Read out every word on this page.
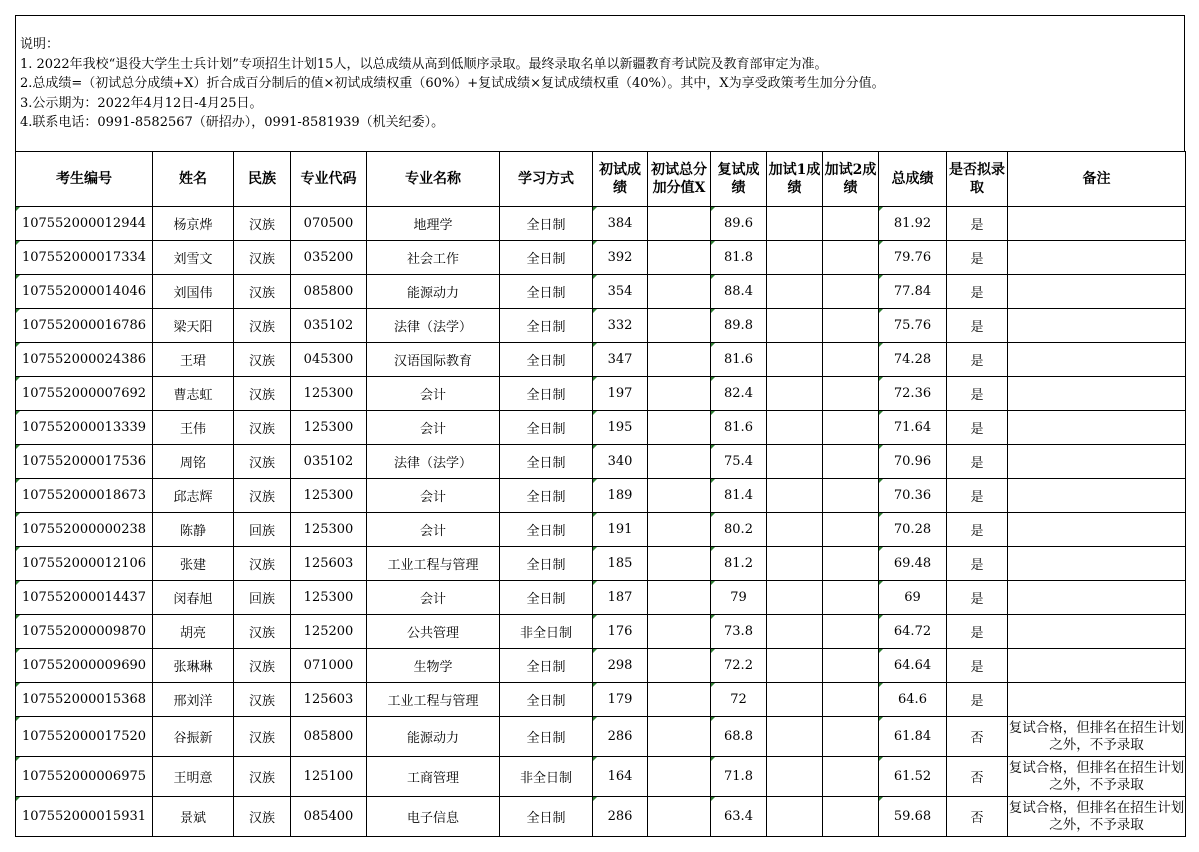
说明：
1. 2022年我校“退役大学生士兵计划”专项招生计划15人，以总成绩从高到低顺序录取。最终录取名单以新疆教育考试院及教育部审定为准。
2.总成绩=（初试总分成绩+X）折合成百分制后的值×初试成绩权重（60%）+复试成绩×复试成绩权重（40%）。其中，X为享受政策考生加分分值。
3.公示期为：2022年4月12日-4月25日。
4.联系电话：0991-8582567（研招办），0991-8581939（机关纪委）。
考生编号	姓名	民族	专业代码	专业名称	学习方式	初试成绩	初试总分加分值X	复试成绩	加试1成绩	加试2成绩	总成绩	是否拟录取	备注
107552000012944	杨京烨	汉族	070500	地理学	全日制	384		89.6			81.92	是	
107552000017334	刘雪文	汉族	035200	社会工作	全日制	392		81.8			79.76	是	
107552000014046	刘国伟	汉族	085800	能源动力	全日制	354		88.4			77.84	是	
107552000016786	梁天阳	汉族	035102	法律（法学）	全日制	332		89.8			75.76	是	
107552000024386	王珺	汉族	045300	汉语国际教育	全日制	347		81.6			74.28	是	
107552000007692	曹志虹	汉族	125300	会计	全日制	197		82.4			72.36	是	
107552000013339	王伟	汉族	125300	会计	全日制	195		81.6			71.64	是	
107552000017536	周铭	汉族	035102	法律（法学）	全日制	340		75.4			70.96	是	
107552000018673	邱志辉	汉族	125300	会计	全日制	189		81.4			70.36	是	
107552000000238	陈静	回族	125300	会计	全日制	191		80.2			70.28	是	
107552000012106	张建	汉族	125603	工业工程与管理	全日制	185		81.2			69.48	是	
107552000014437	闵春旭	回族	125300	会计	全日制	187		79			69	是	
107552000009870	胡亮	汉族	125200	公共管理	非全日制	176		73.8			64.72	是	
107552000009690	张琳琳	汉族	071000	生物学	全日制	298		72.2			64.64	是	
107552000015368	邢刘洋	汉族	125603	工业工程与管理	全日制	179		72			64.6	是	
107552000017520	谷振新	汉族	085800	能源动力	全日制	286		68.8			61.84	否	复试合格，但排名在招生计划之外，不予录取
107552000006975	王明意	汉族	125100	工商管理	非全日制	164		71.8			61.52	否	复试合格，但排名在招生计划之外，不予录取
107552000015931	景斌	汉族	085400	电子信息	全日制	286		63.4			59.68	否	复试合格，但排名在招生计划之外，不予录取
